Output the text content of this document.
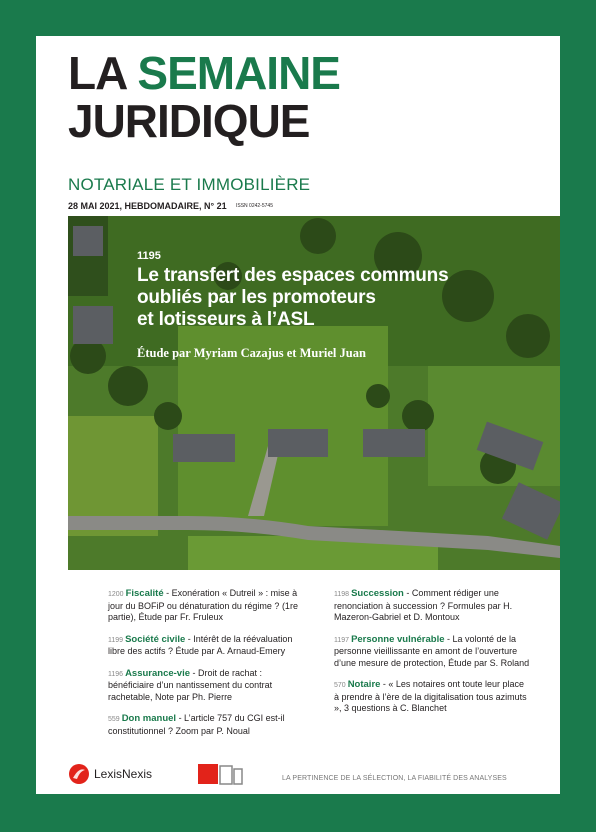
LA SEMAINE
JURIDIQUE
NOTARIALE ET IMMOBILIÈRE
28 MAI 2021, HEBDOMADAIRE, N° 21 ISSN 0242-5745
1195
Le transfert des espaces communs
oubliés par les promoteurs
et lotisseurs à l’ASL
Étude par Myriam Cazajus et Muriel Juan
1200 Fiscalité - Exonération « Dutreil » : mise à jour du BOFiP ou dénaturation du régime ? (1re partie), Étude par Fr. Fruleux
1199 Société civile - Intérêt de la réévaluation libre des actifs ? Étude par A. Arnaud-Emery
1196 Assurance-vie - Droit de rachat : bénéficiaire d’un nantissement du contrat rachetable, Note par Ph. Pierre
559 Don manuel - L’article 757 du CGI est-il constitutionnel ? Zoom par P. Noual
1198 Succession - Comment rédiger une renonciation à succession ? Formules par H. Mazeron-Gabriel et D. Montoux
1197 Personne vulnérable - La volonté de la personne vieillissante en amont de l’ouverture d’une mesure de protection, Étude par S. Roland
570 Notaire - « Les notaires ont toute leur place à prendre à l’ère de la digitalisation tous azimuts », 3 questions à C. Blanchet
LexisNexis	LA PERTINENCE DE LA SÉLECTION, LA FIABILITÉ DES ANALYSES
